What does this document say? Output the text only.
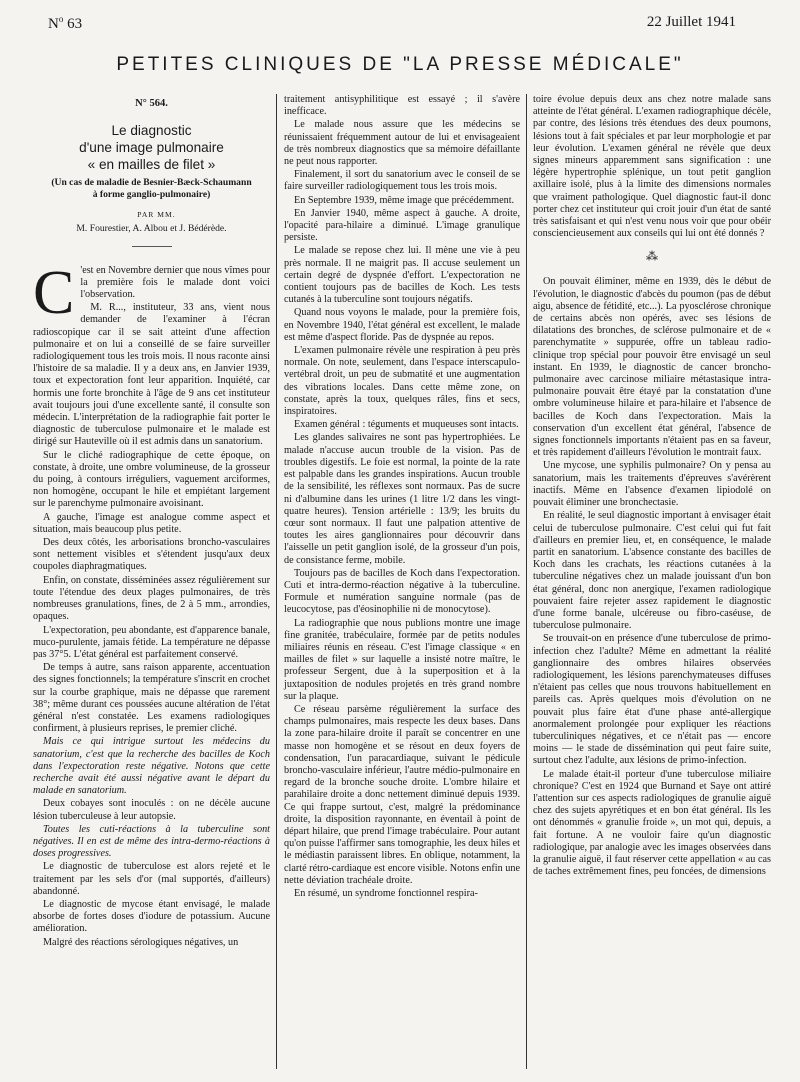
$N^o$ 63	22 Juillet 1941
PETITES CLINIQUES DE "LA PRESSE MÉDICALE"
N° 564.
Le diagnostic
d'une image pulmonaire
« en mailles de filet »
(Un cas de maladie de Besnier-Bæck-Schaumann
à forme ganglio-pulmonaire)

PAR MM.

M. Fourestier, A. Albou et J. Bédérède.

C 'est en Novembre dernier que nous vîmes pour la première fois le malade dont voici l'observation.

M. R..., instituteur, 33 ans, vient nous demander de l'examiner à l'écran radioscopique car il se sait atteint d'une affection pulmonaire et on lui a conseillé de se faire surveiller radiologiquement tous les trois mois. Il nous raconte ainsi l'histoire de sa maladie. Il y a deux ans, en Janvier 1939, toux et expectoration font leur apparition. Inquiété, car hormis une forte bronchite à l'âge de 9 ans cet instituteur avait toujours joui d'une excellente santé, il consulte son médecin. L'interprétation de la radiographie fait porter le diagnostic de tuberculose pulmonaire et le malade est dirigé sur Hauteville où il est admis dans un sanatorium.

Sur le cliché radiographique de cette époque, on constate, à droite, une ombre volumineuse, de la grosseur du poing, à contours irréguliers, vaguement arciformes, non homogène, occupant le hile et empiétant largement sur le parenchyme pulmonaire avoisinant.

A gauche, l'image est analogue comme aspect et situation, mais beaucoup plus petite.

Des deux côtés, les arborisations broncho-vasculaires sont nettement visibles et s'étendent jusqu'aux deux coupoles diaphragmatiques.

Enfin, on constate, disséminées assez régulièrement sur toute l'étendue des deux plages pulmonaires, de très nombreuses granulations, fines, de 2 à 5 mm., arrondies, opaques.

L'expectoration, peu abondante, est d'apparence banale, muco-purulente, jamais fétide. La température ne dépasse pas 37°5. L'état général est parfaitement conservé.

De temps à autre, sans raison apparente, accentuation des signes fonctionnels; la température s'inscrit en crochet sur la courbe graphique, mais ne dépasse que rarement 38°; même durant ces poussées aucune altération de l'état général n'est constatée. Les examens radiologiques confirment, à plusieurs reprises, le premier cliché.

Mais ce qui intrigue surtout les médecins du sanatorium, c'est que la recherche des bacilles de Koch dans l'expectoration reste négative. Notons que cette recherche avait été aussi négative avant le départ du malade en sanatorium.

Deux cobayes sont inoculés : on ne décèle aucune lésion tuberculeuse à leur autopsie.

Toutes les cuti-réactions à la tuberculine sont négatives. Il en est de même des intra-dermo-réactions à doses progressives.

Le diagnostic de tuberculose est alors rejeté et le traitement par les sels d'or (mal supportés, d'ailleurs) abandonné.

Le diagnostic de mycose étant envisagé, le malade absorbe de fortes doses d'iodure de potassium. Aucune amélioration.

Malgré des réactions sérologiques négatives, un

traitement antisyphilitique est essayé ; il s'avère inefficace.

Le malade nous assure que les médecins se réunissaient fréquemment autour de lui et envisageaient de très nombreux diagnostics que sa mémoire défaillante ne peut nous rapporter.

Finalement, il sort du sanatorium avec le conseil de se faire surveiller radiologiquement tous les trois mois.

En Septembre 1939, même image que précédemment.

En Janvier 1940, même aspect à gauche. A droite, l'opacité para-hilaire a diminué. L'image granulique persiste.

Le malade se repose chez lui. Il mène une vie à peu près normale. Il ne maigrit pas. Il accuse seulement un certain degré de dyspnée d'effort. L'expectoration ne contient toujours pas de bacilles de Koch. Les tests cutanés à la tuberculine sont toujours négatifs.

Quand nous voyons le malade, pour la première fois, en Novembre 1940, l'état général est excellent, le malade est même d'aspect floride. Pas de dyspnée au repos.

L'examen pulmonaire révèle une respiration à peu près normale. On note, seulement, dans l'espace interscapulo-vertébral droit, un peu de submatité et une augmentation des vibrations locales. Dans cette même zone, on constate, après la toux, quelques râles, fins et secs, inspiratoires.

Examen général : téguments et muqueuses sont intacts.

Les glandes salivaires ne sont pas hypertrophiées. Le malade n'accuse aucun trouble de la vision. Pas de troubles digestifs. Le foie est normal, la pointe de la rate est palpable dans les grandes inspirations. Aucun trouble de la sensibilité, les réflexes sont normaux. Pas de sucre ni d'albumine dans les urines (1 litre 1/2 dans les vingt-quatre heures). Tension artérielle : 13/9; les bruits du cœur sont normaux. Il faut une palpation attentive de toutes les aires ganglionnaires pour découvrir dans l'aisselle un petit ganglion isolé, de la grosseur d'un pois, de consistance ferme, mobile.

Toujours pas de bacilles de Koch dans l'expectoration. Cuti et intra-dermo-réaction négative à la tuberculine. Formule et numération sanguine normale (pas de leucocytose, pas d'éosinophilie ni de monocytose).

La radiographie que nous publions montre une image fine granitée, trabéculaire, formée par de petits nodules miliaires réunis en réseau. C'est l'image classique « en mailles de filet » sur laquelle a insisté notre maître, le professeur Sergent, due à la superposition et à la juxtaposition de nodules projetés en très grand nombre sur la plaque.

Ce réseau parsème régulièrement la surface des champs pulmonaires, mais respecte les deux bases. Dans la zone para-hilaire droite il paraît se concentrer en une masse non homogène et se résout en deux foyers de condensation, l'un paracardiaque, suivant le pédicule broncho-vasculaire inférieur, l'autre médio-pulmonaire en regard de la bronche souche droite. L'ombre hilaire et parahilaire droite a donc nettement diminué depuis 1939. Ce qui frappe surtout, c'est, malgré la prédominance droite, la disposition rayonnante, en éventail à point de départ hilaire, que prend l'image trabéculaire. Pour autant qu'on puisse l'affirmer sans tomographie, les deux hiles et le médiastin paraissent libres. En oblique, notamment, la clarté rétro-cardiaque est encore visible. Notons enfin une nette déviation trachéale droite.

En résumé, un syndrome fonctionnel respira-

toire évolue depuis deux ans chez notre malade sans atteinte de l'état général. L'examen radiographique décèle, par contre, des lésions très étendues des deux poumons, lésions tout à fait spéciales et par leur morphologie et par leur évolution. L'examen général ne révèle que deux signes mineurs apparemment sans signification : une légère hypertrophie splénique, un tout petit ganglion axillaire isolé, plus à la limite des dimensions normales que vraiment pathologique. Quel diagnostic faut-il donc porter chez cet instituteur qui croit jouir d'un état de santé très satisfaisant et qui n'est venu nous voir que pour obéir consciencieusement aux conseils qui lui ont été donnés ?

⁂

On pouvait éliminer, même en 1939, dès le début de l'évolution, le diagnostic d'abcès du poumon (pas de début aigu, absence de fétidité, etc...). La pyosclérose chronique de certains abcès non opérés, avec ses lésions de dilatations des bronches, de sclérose pulmonaire et de « parenchymatite » suppurée, offre un tableau radio-clinique trop spécial pour pouvoir être envisagé un seul instant. En 1939, le diagnostic de cancer broncho-pulmonaire avec carcinose miliaire métastasique intra-pulmonaire pouvait être étayé par la constatation d'une ombre volumineuse hilaire et para-hilaire et l'absence de bacilles de Koch dans l'expectoration. Mais la conservation d'un excellent état général, l'absence de signes fonctionnels importants n'étaient pas en sa faveur, et très rapidement d'ailleurs l'évolution le montrait faux.

Une mycose, une syphilis pulmonaire? On y pensa au sanatorium, mais les traitements d'épreuves s'avérèrent inactifs. Même en l'absence d'examen lipiodolé on pouvait éliminer une bronchectasie.

En réalité, le seul diagnostic important à envisager était celui de tuberculose pulmonaire. C'est celui qui fut fait d'ailleurs en premier lieu, et, en conséquence, le malade partit en sanatorium. L'absence constante des bacilles de Koch dans les crachats, les réactions cutanées à la tuberculine négatives chez un malade jouissant d'un bon état général, donc non anergique, l'examen radiologique pouvaient faire rejeter assez rapidement le diagnostic d'une forme banale, ulcéreuse ou fibro-caséuse, de tuberculose pulmonaire.

Se trouvait-on en présence d'une tuberculose de primo-infection chez l'adulte? Même en admettant la réalité ganglionnaire des ombres hilaires observées radiologiquement, les lésions parenchymateuses diffuses n'étaient pas celles que nous trouvons habituellement en pareils cas. Après quelques mois d'évolution on ne pouvait plus faire état d'une phase anté-allergique anormalement prolongée pour expliquer les réactions tuberculiniques négatives, et ce n'était pas — encore moins — le stade de dissémination qui peut faire suite, surtout chez l'adulte, aux lésions de primo-infection.

Le malade était-il porteur d'une tuberculose miliaire chronique? C'est en 1924 que Burnand et Saye ont attiré l'attention sur ces aspects radiologiques de granulie aiguë chez des sujets apyrétiques et en bon état général. Ils les ont dénommés « granulie froide », un mot qui, depuis, a fait fortune. A ne vouloir faire qu'un diagnostic radiologique, par analogie avec les images observées dans la granulie aiguë, il faut réserver cette appellation « au cas de taches extrêmement fines, peu foncées, de dimensions
